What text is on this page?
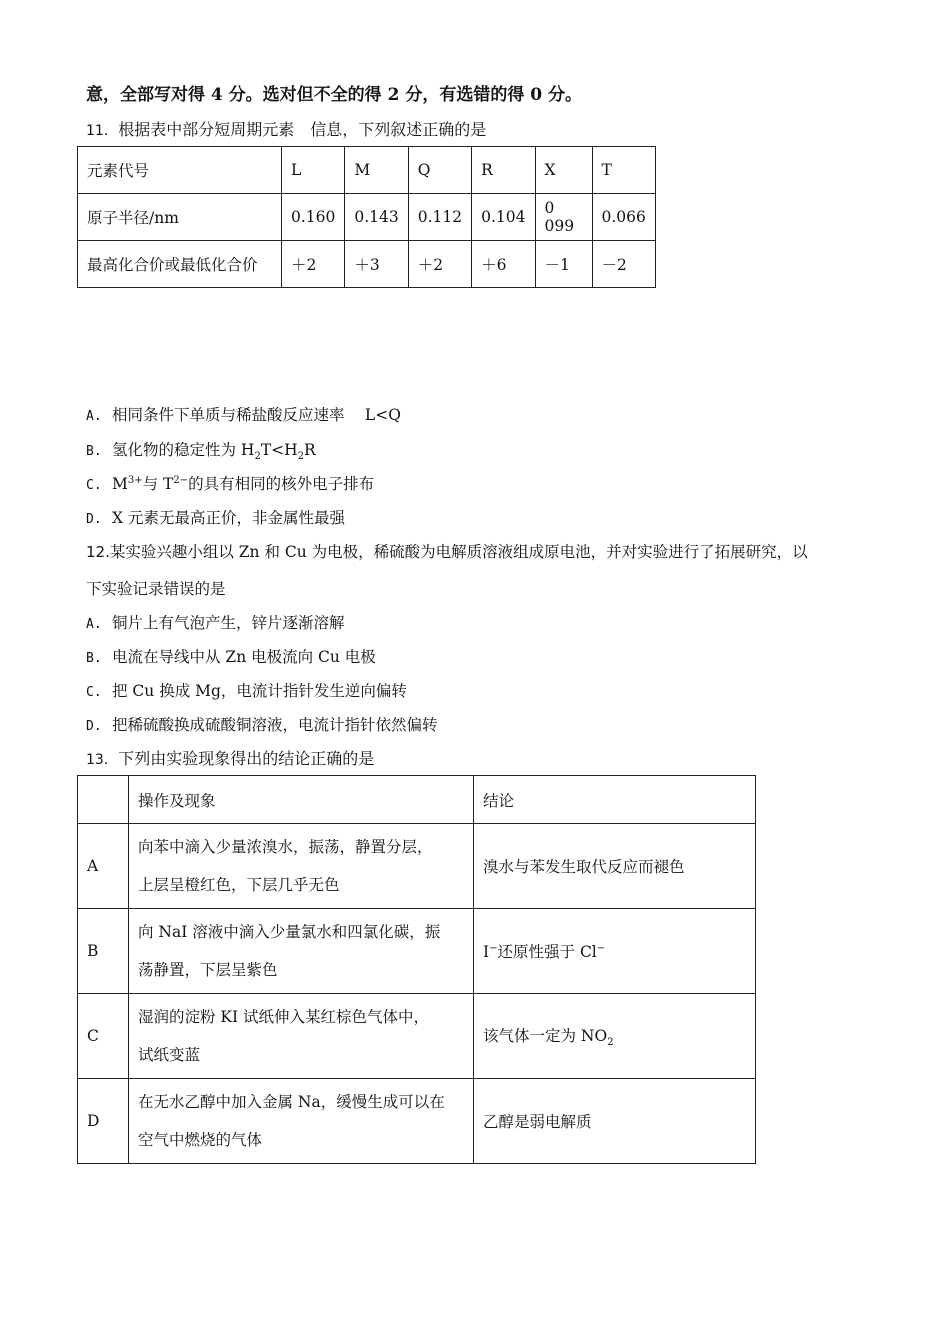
意，全部写对得 4 分。选对但不全的得 2 分，有选错的得 0 分。
11. 根据表中部分短周期元素　信息，下列叙述正确的是
元素代号	L	M	Q	R	X	T
原子半径/nm	0.160	0.143	0.112	0.104	0 099	0.066
最高化合价或最低化合价	＋2	＋3	＋2	＋6	－1	－2
A. 相同条件下单质与稀盐酸反应速率　 L<Q
B. 氢化物的稳定性为 $H_2T<H_2R$
C. $M^{3+}$与 $T^{2-}$的具有相同的核外电子排布
D. X 元素无最高正价，非金属性最强
12.某实验兴趣小组以 Zn 和 Cu 为电极，稀硫酸为电解质溶液组成原电池，并对实验进行了拓展研究，以
下实验记录错误的是
A. 铜片上有气泡产生，锌片逐渐溶解
B. 电流在导线中从 Zn 电极流向 Cu 电极
C. 把 Cu 换成 Mg，电流计指针发生逆向偏转
D. 把稀硫酸换成硫酸铜溶液，电流计指针依然偏转
13. 下列由实验现象得出的结论正确的是
	操作及现象	结论
A	向苯中滴入少量浓溴水，振荡，静置分层，
上层呈橙红色，下层几乎无色	溴水与苯发生取代反应而褪色
B	向 NaI 溶液中滴入少量氯水和四氯化碳，振
荡静置，下层呈紫色	I−还原性强于 Cl−
C	湿润的淀粉 KI 试纸伸入某红棕色气体中，
试纸变蓝	该气体一定为 $NO_2$
D	在无水乙醇中加入金属 Na，缓慢生成可以在
空气中燃烧的气体	乙醇是弱电解质
